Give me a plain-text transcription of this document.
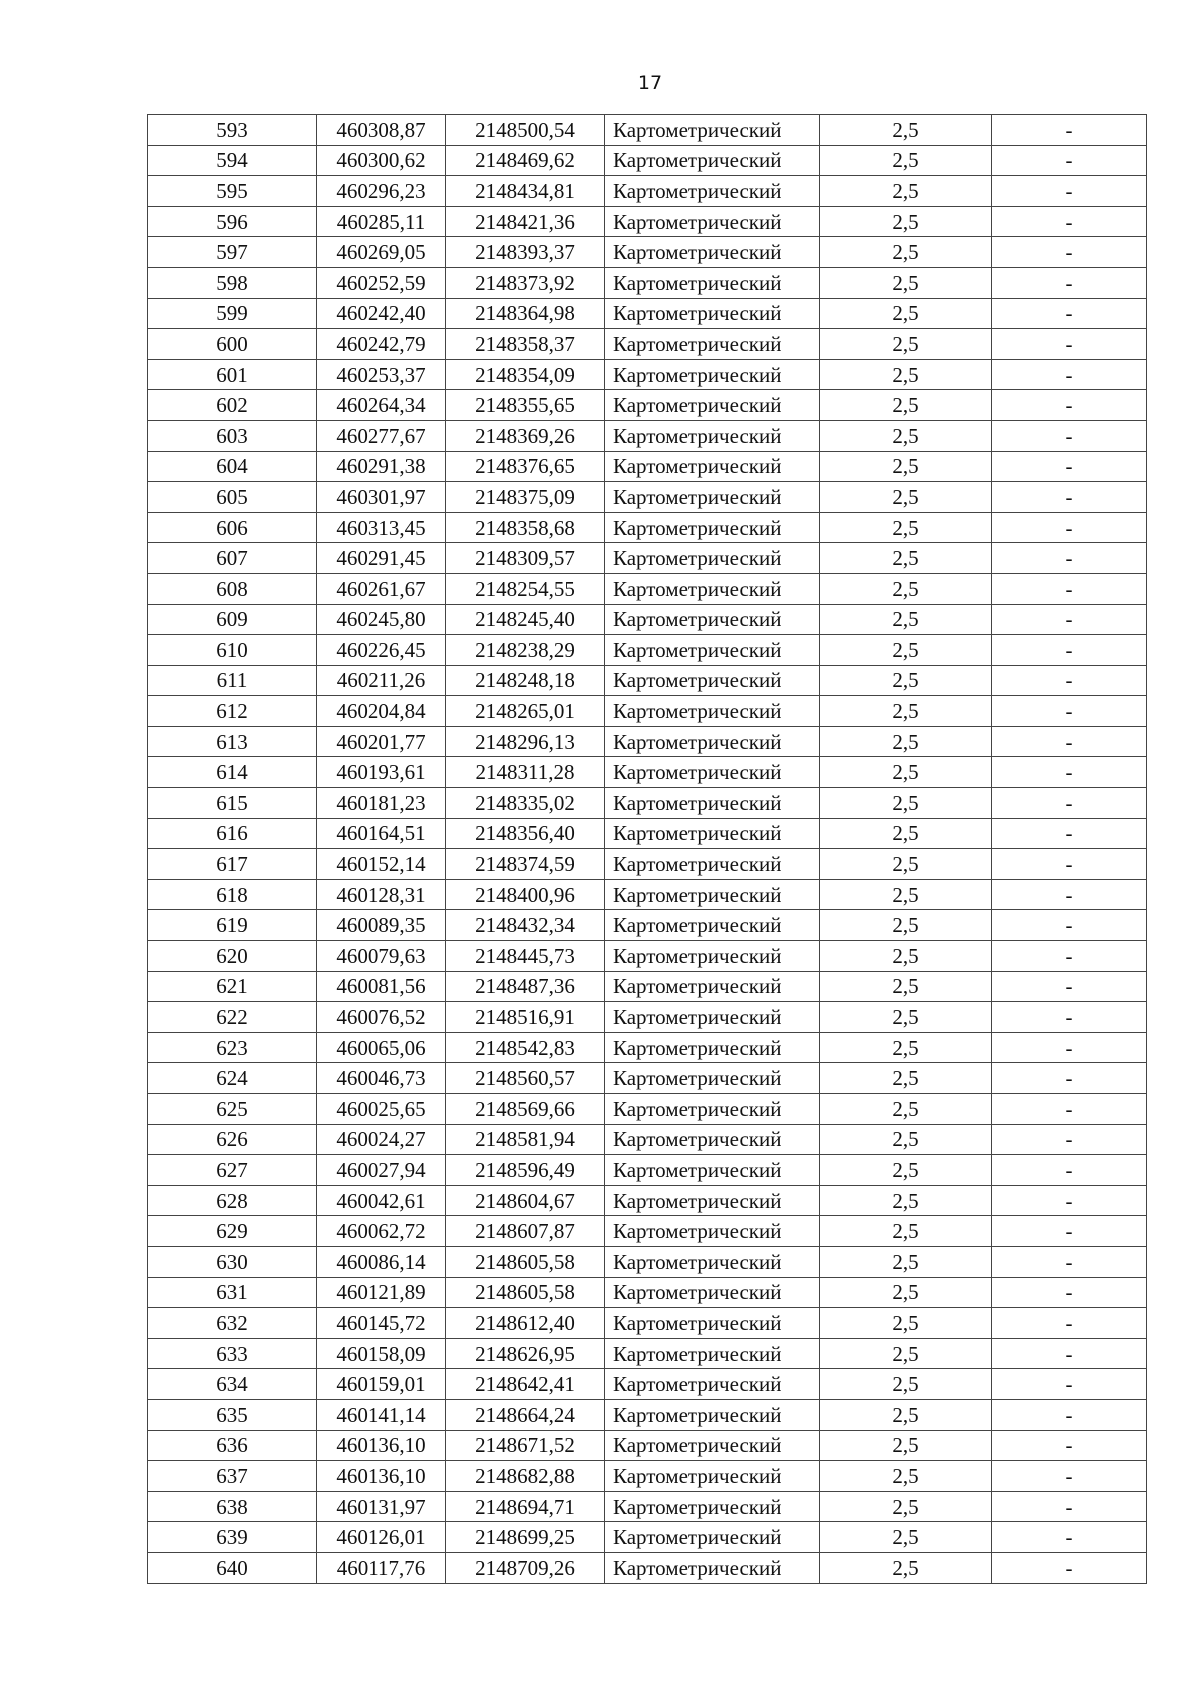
17
593	460308,87	2148500,54	Картометрический	2,5	-
594	460300,62	2148469,62	Картометрический	2,5	-
595	460296,23	2148434,81	Картометрический	2,5	-
596	460285,11	2148421,36	Картометрический	2,5	-
597	460269,05	2148393,37	Картометрический	2,5	-
598	460252,59	2148373,92	Картометрический	2,5	-
599	460242,40	2148364,98	Картометрический	2,5	-
600	460242,79	2148358,37	Картометрический	2,5	-
601	460253,37	2148354,09	Картометрический	2,5	-
602	460264,34	2148355,65	Картометрический	2,5	-
603	460277,67	2148369,26	Картометрический	2,5	-
604	460291,38	2148376,65	Картометрический	2,5	-
605	460301,97	2148375,09	Картометрический	2,5	-
606	460313,45	2148358,68	Картометрический	2,5	-
607	460291,45	2148309,57	Картометрический	2,5	-
608	460261,67	2148254,55	Картометрический	2,5	-
609	460245,80	2148245,40	Картометрический	2,5	-
610	460226,45	2148238,29	Картометрический	2,5	-
611	460211,26	2148248,18	Картометрический	2,5	-
612	460204,84	2148265,01	Картометрический	2,5	-
613	460201,77	2148296,13	Картометрический	2,5	-
614	460193,61	2148311,28	Картометрический	2,5	-
615	460181,23	2148335,02	Картометрический	2,5	-
616	460164,51	2148356,40	Картометрический	2,5	-
617	460152,14	2148374,59	Картометрический	2,5	-
618	460128,31	2148400,96	Картометрический	2,5	-
619	460089,35	2148432,34	Картометрический	2,5	-
620	460079,63	2148445,73	Картометрический	2,5	-
621	460081,56	2148487,36	Картометрический	2,5	-
622	460076,52	2148516,91	Картометрический	2,5	-
623	460065,06	2148542,83	Картометрический	2,5	-
624	460046,73	2148560,57	Картометрический	2,5	-
625	460025,65	2148569,66	Картометрический	2,5	-
626	460024,27	2148581,94	Картометрический	2,5	-
627	460027,94	2148596,49	Картометрический	2,5	-
628	460042,61	2148604,67	Картометрический	2,5	-
629	460062,72	2148607,87	Картометрический	2,5	-
630	460086,14	2148605,58	Картометрический	2,5	-
631	460121,89	2148605,58	Картометрический	2,5	-
632	460145,72	2148612,40	Картометрический	2,5	-
633	460158,09	2148626,95	Картометрический	2,5	-
634	460159,01	2148642,41	Картометрический	2,5	-
635	460141,14	2148664,24	Картометрический	2,5	-
636	460136,10	2148671,52	Картометрический	2,5	-
637	460136,10	2148682,88	Картометрический	2,5	-
638	460131,97	2148694,71	Картометрический	2,5	-
639	460126,01	2148699,25	Картометрический	2,5	-
640	460117,76	2148709,26	Картометрический	2,5	-
